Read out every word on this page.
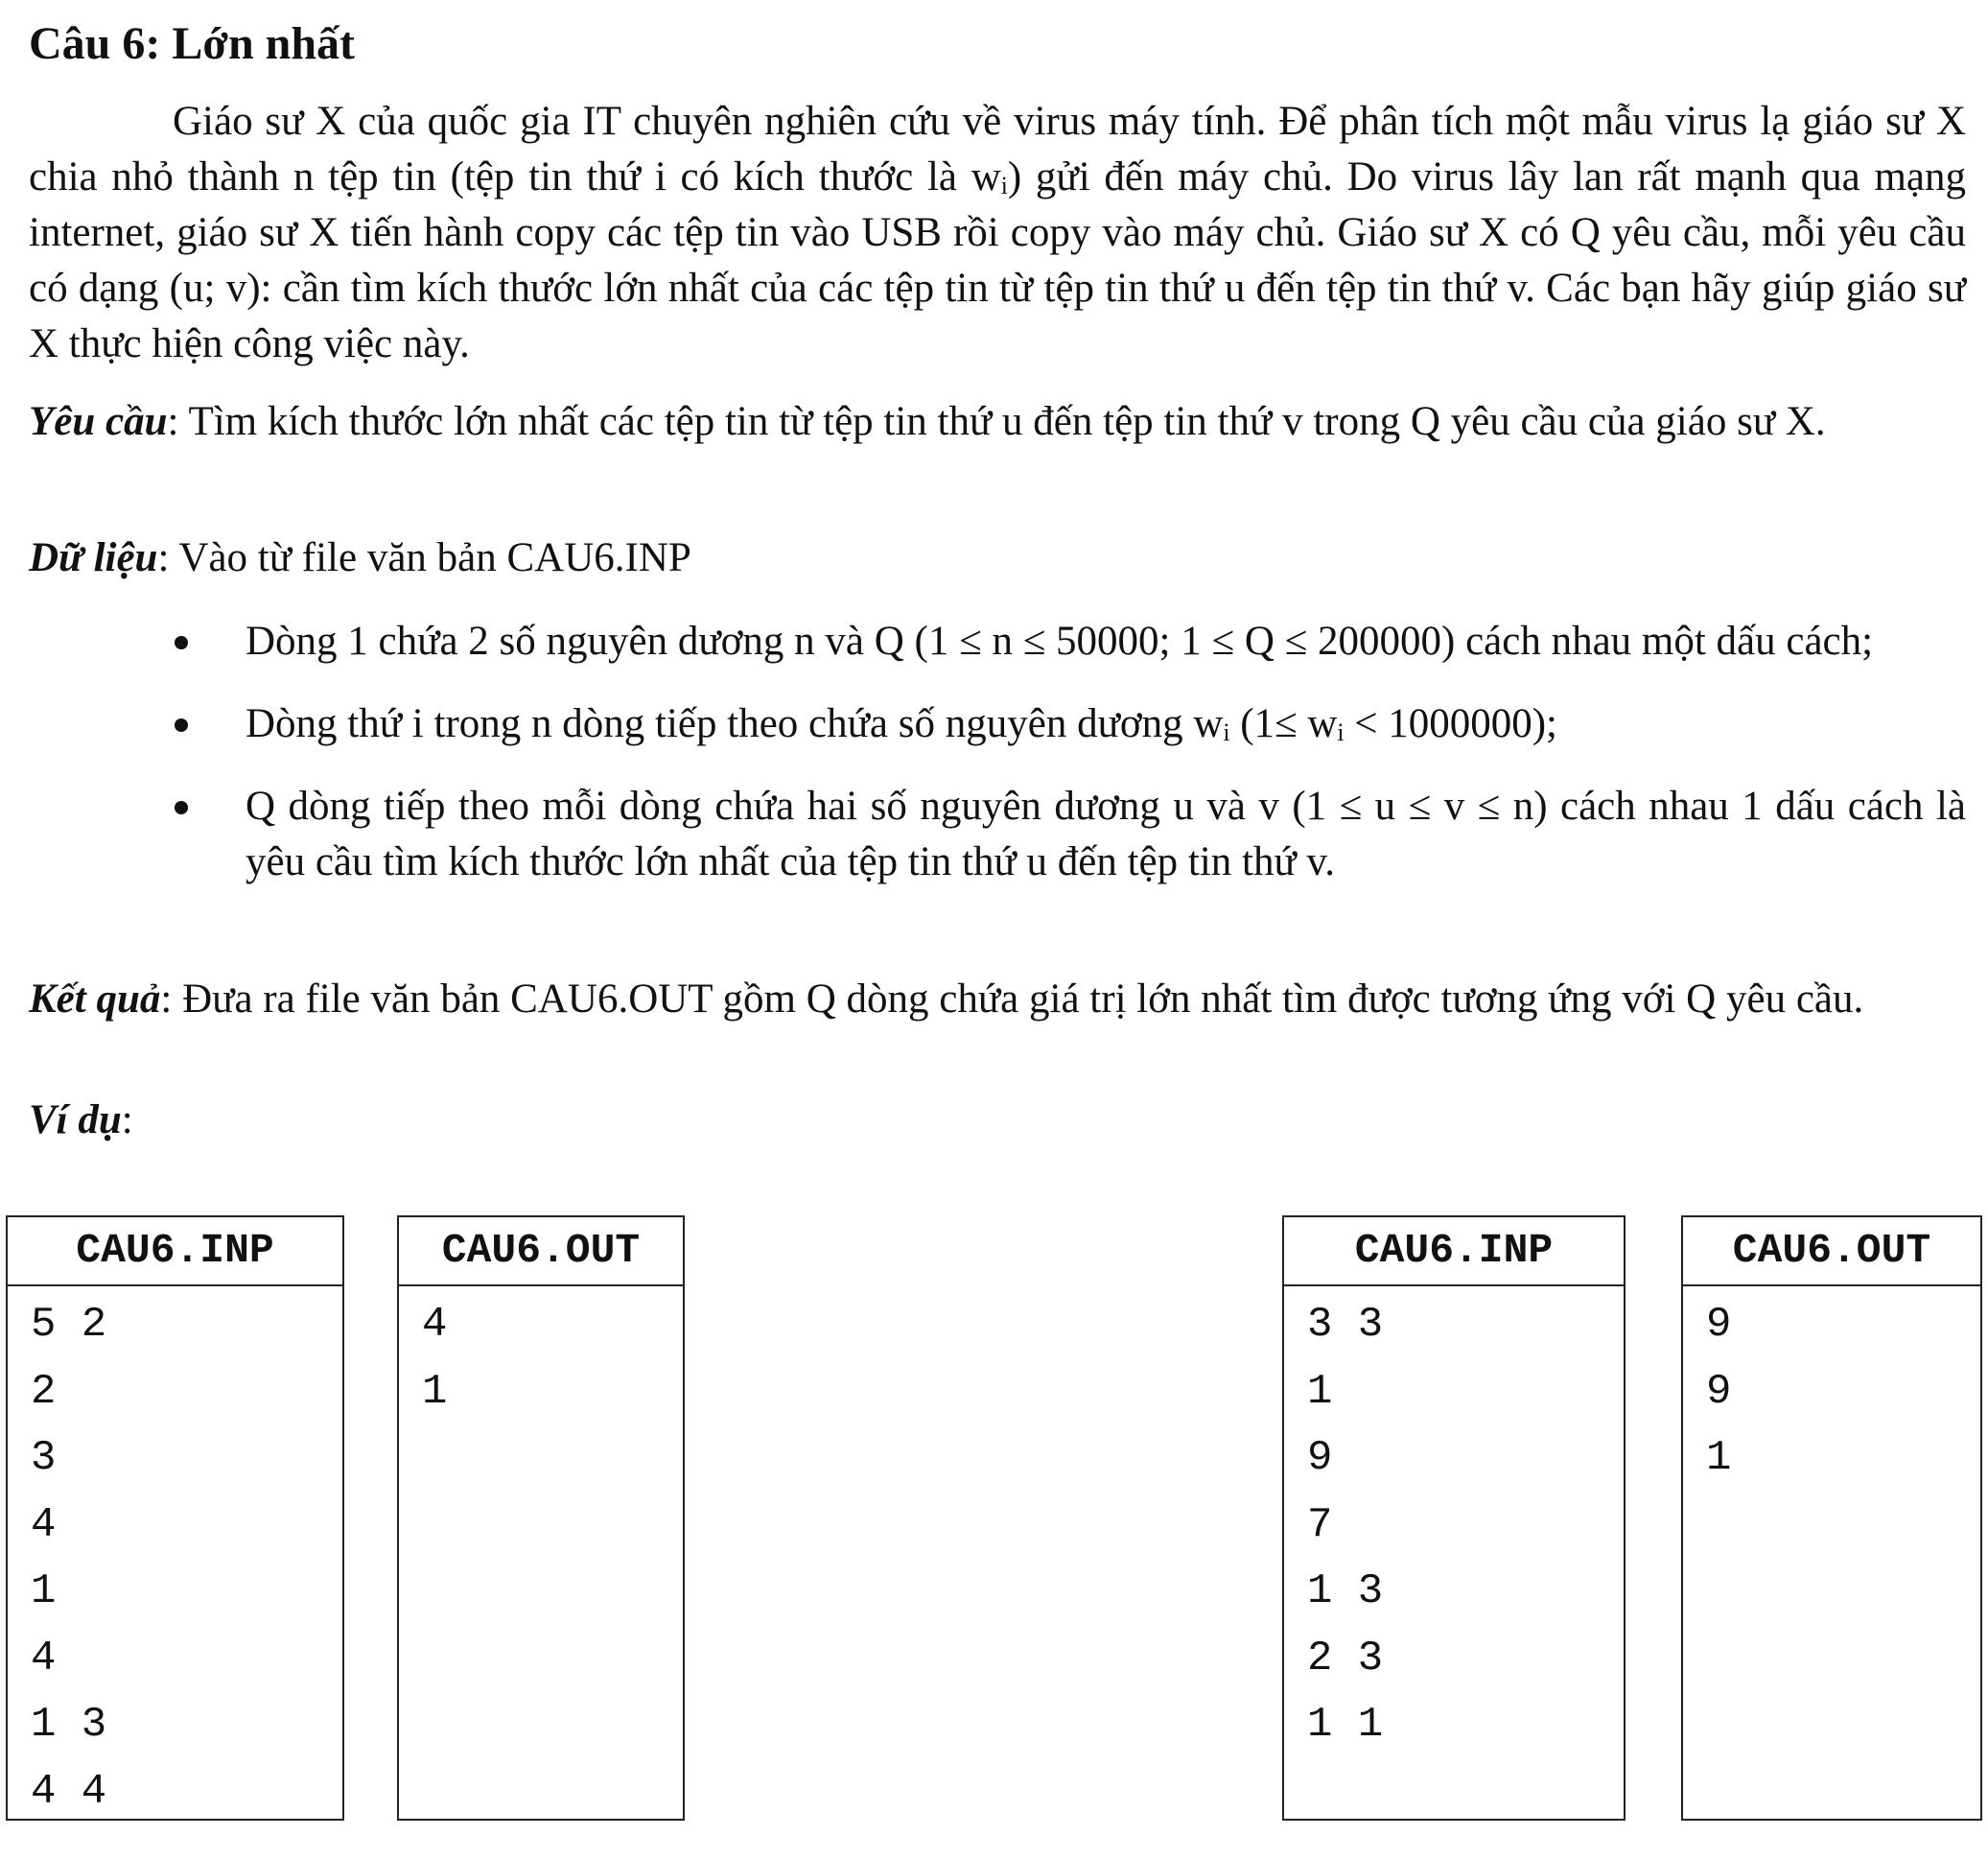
Câu 6: Lớn nhất

Giáo sư X của quốc gia IT chuyên nghiên cứu về virus máy tính. Để phân tích một mẫu virus lạ giáo sư X chia nhỏ thành n tệp tin (tệp tin thứ i có kích thước là wᵢ) gửi đến máy chủ. Do virus lây lan rất mạnh qua mạng internet, giáo sư X tiến hành copy các tệp tin vào USB rồi copy vào máy chủ. Giáo sư X có Q yêu cầu, mỗi yêu cầu có dạng (u; v): cần tìm kích thước lớn nhất của các tệp tin từ tệp tin thứ u đến tệp tin thứ v. Các bạn hãy giúp giáo sư X thực hiện công việc này.

Yêu cầu: Tìm kích thước lớn nhất các tệp tin từ tệp tin thứ u đến tệp tin thứ v trong Q yêu cầu của giáo sư X.

Dữ liệu: Vào từ file văn bản CAU6.INP

Dòng 1 chứa 2 số nguyên dương n và Q (1 ≤ n ≤ 50000; 1 ≤ Q ≤ 200000) cách nhau một dấu cách;
Dòng thứ i trong n dòng tiếp theo chứa số nguyên dương wᵢ (1≤ wᵢ < 1000000);
Q dòng tiếp theo mỗi dòng chứa hai số nguyên dương u và v (1 ≤ u ≤ v ≤ n) cách nhau 1 dấu cách là yêu cầu tìm kích thước lớn nhất của tệp tin thứ u đến tệp tin thứ v.

Kết quả: Đưa ra file văn bản CAU6.OUT gồm Q dòng chứa giá trị lớn nhất tìm được tương ứng với Q yêu cầu.

Ví dụ:

CAU6.INP
5 2
2
3
4
1
4
1 3
4 4
CAU6.OUT
4
1
CAU6.INP
3 3
1
9
7
1 3
2 3
1 1
CAU6.OUT
9
9
1
